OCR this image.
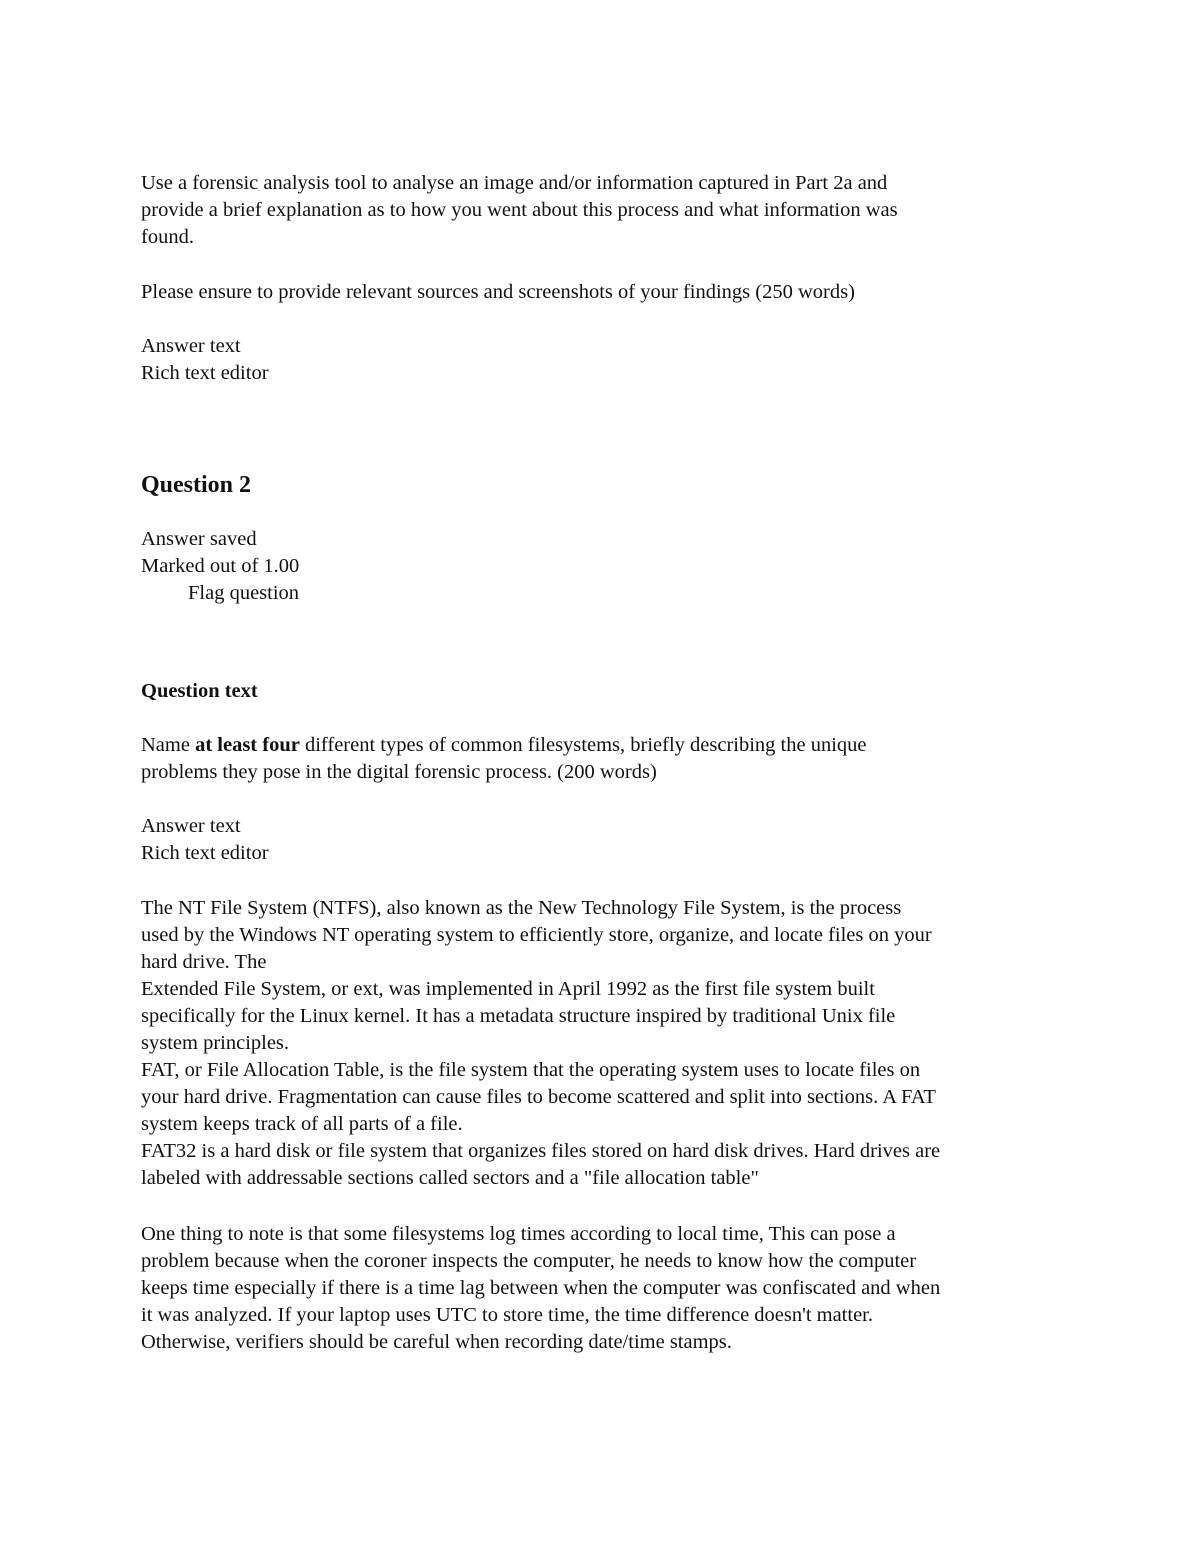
Use a forensic analysis tool to analyse an image and/or information captured in Part 2a and
provide a brief explanation as to how you went about this process and what information was
found.
Please ensure to provide relevant sources and screenshots of your findings (250 words)
Answer text
Rich text editor
Question 2
Answer saved
Marked out of 1.00
Flag question
Question text
Name at least four different types of common filesystems, briefly describing the unique
problems they pose in the digital forensic process. (200 words)
Answer text
Rich text editor
The NT File System (NTFS), also known as the New Technology File System, is the process
used by the Windows NT operating system to efficiently store, organize, and locate files on your
hard drive. The
Extended File System, or ext, was implemented in April 1992 as the first file system built
specifically for the Linux kernel. It has a metadata structure inspired by traditional Unix file
system principles.
FAT, or File Allocation Table, is the file system that the operating system uses to locate files on
your hard drive. Fragmentation can cause files to become scattered and split into sections. A FAT
system keeps track of all parts of a file.
FAT32 is a hard disk or file system that organizes files stored on hard disk drives. Hard drives are
labeled with addressable sections called sectors and a "file allocation table"
One thing to note is that some filesystems log times according to local time, This can pose a
problem because when the coroner inspects the computer, he needs to know how the computer
keeps time especially if there is a time lag between when the computer was confiscated and when
it was analyzed. If your laptop uses UTC to store time, the time difference doesn't matter.
Otherwise, verifiers should be careful when recording date/time stamps.
